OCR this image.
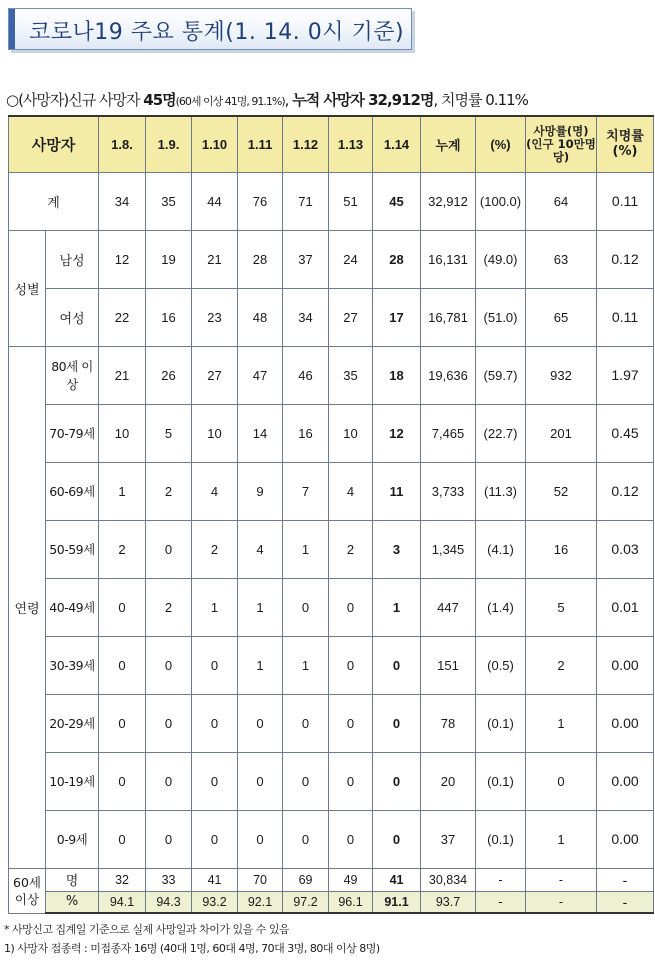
코로나19 주요 통계(1. 14. 0시 기준)
○(사망자)신규 사망자 45명(60세 이상 41명, 91.1%), 누적 사망자 32,912명, 치명률 0.11%
사망자		1.8.	1.9.	1.10	1.11	1.12	1.13	1.14	누계	(%)	사망률(명) (인구 10만명당)	치명률 (%)
계		34	35	44	76	71	51	45	32,912	(100.0)	64	0.11
성별	남성	12	19	21	28	37	24	28	16,131	(49.0)	63	0.12
	여성	22	16	23	48	34	27	17	16,781	(51.0)	65	0.11
연령	80세 이상	21	26	27	47	46	35	18	19,636	(59.7)	932	1.97
	70-79세	10	5	10	14	16	10	12	7,465	(22.7)	201	0.45
	60-69세	1	2	4	9	7	4	11	3,733	(11.3)	52	0.12
	50-59세	2	0	2	4	1	2	3	1,345	(4.1)	16	0.03
	40-49세	0	2	1	1	0	0	1	447	(1.4)	5	0.01
	30-39세	0	0	0	1	1	0	0	151	(0.5)	2	0.00
	20-29세	0	0	0	0	0	0	0	78	(0.1)	1	0.00
	10-19세	0	0	0	0	0	0	0	20	(0.1)	0	0.00
	0-9세	0	0	0	0	0	0	0	37	(0.1)	1	0.00

60세
이상	명	32	33	41	70	69	49	41	30,834	-	-	-
	%	94.1	94.3	93.2	92.1	97.2	96.1	91.1	93.7	-	-	-
* 사망신고 집계일 기준으로 실제 사망일과 차이가 있을 수 있음
1) 사망자 접종력 : 미접종자 16명 (40대 1명, 60대 4명, 70대 3명, 80대 이상 8명)
